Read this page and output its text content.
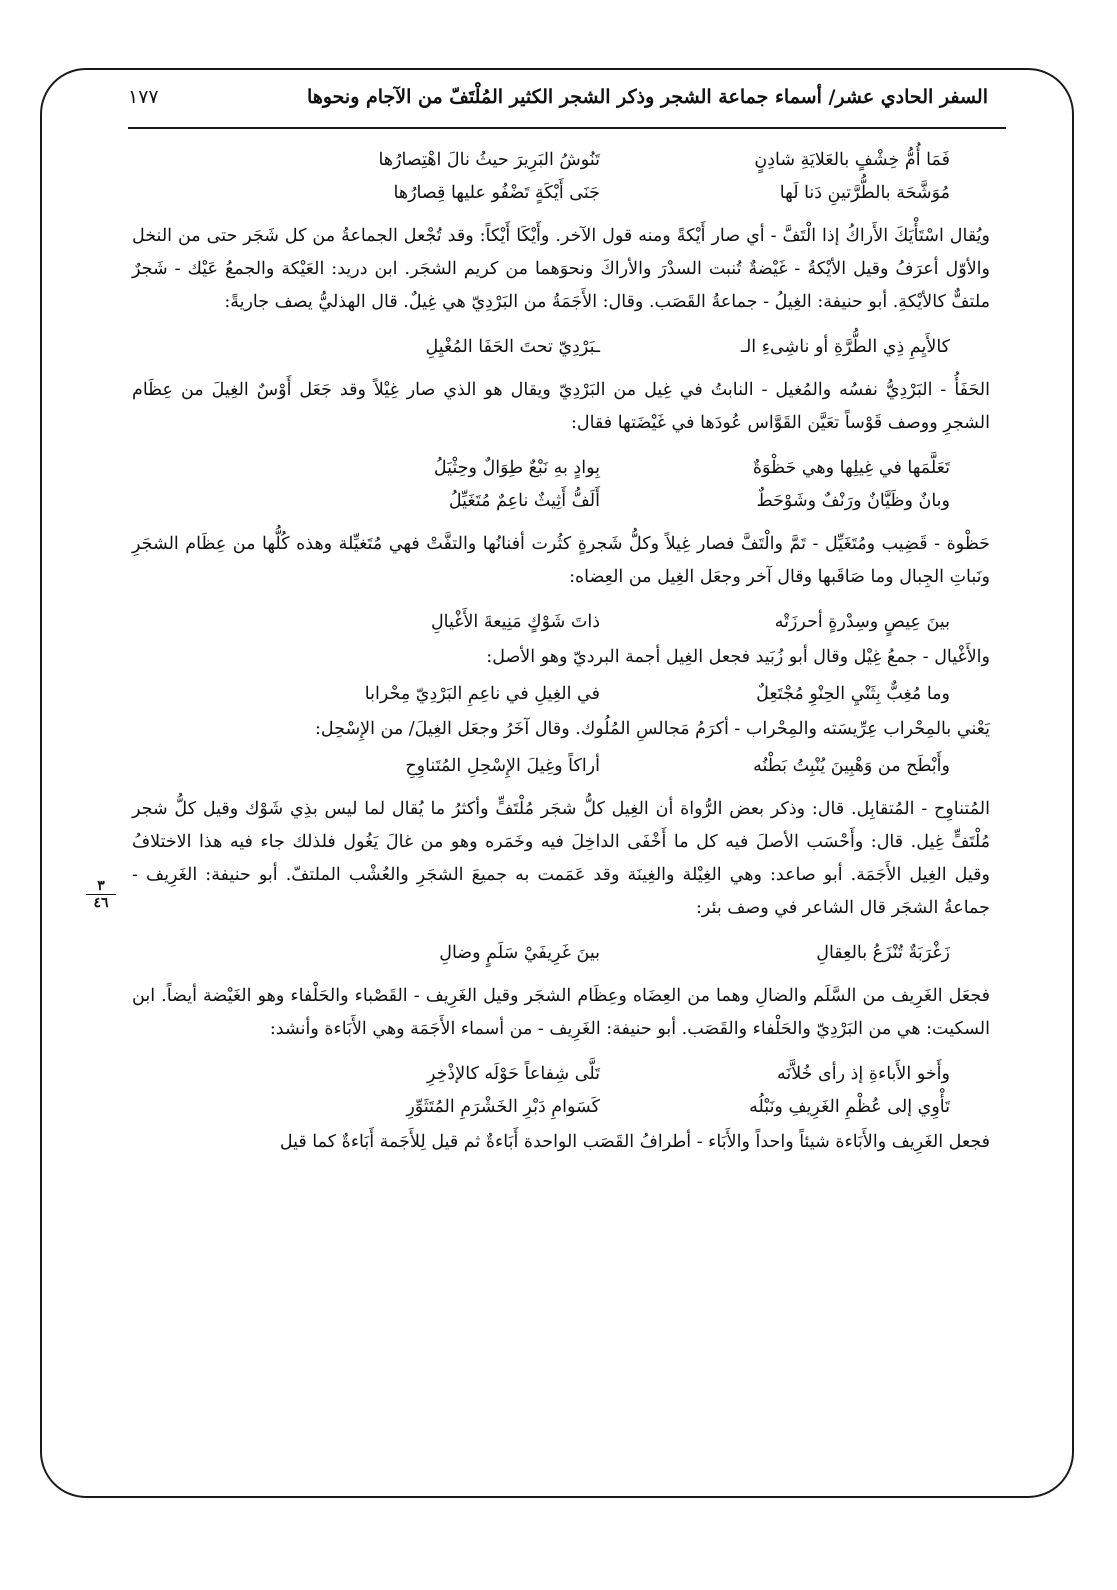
السفر الحادي عشر/ أسماء جماعة الشجر وذكر الشجر الكثير المُلْتَفّ من الآجام ونحوها
١٧٧
٣
٤٦
فَمَا أُمُّ خِشْفٍ بالعَلايَةِ شادِنٍ
تَنُوشُ البَرِيرَ حيثُ نالَ اهْتِصارُها
مُوَشَّحَة بالطُّرَّتينِ دَنا لَها
جَنَى أَيْكَةٍ تَضْفُو عليها قِصارُها
ويُقال اسْتَأْيَكَ الأَراكُ إذا الْتَفَّ - أي صار أَيْكةً ومنه قول الآخر. وأَيْكَا أَيْكاً: وقد تُجْعل الجماعةُ من كل شَجَر حتى من النخل والأوّل أعرَفُ وقيل الأيْكةُ - غَيْضةٌ تُنبت السدْرَ والأراكَ ونحوَهما من كريم الشجَر. ابن دريد: العَيْكة والجمعُ عَيْك - شَجرٌ ملتفٌّ كالأيْكةِ. أبو حنيفة: الغِيلُ - جماعةُ القَصَب. وقال: الأَجَمَةُ من البَرْدِيّ هي غِيلٌ. قال الهذليُّ يصف جاريةً:
كالأَيِمِ ذِي الطُّرَّةِ أو ناشِىءِ الـ
ـبَرْدِيّ تحتَ الحَفَا المُغْيِلِ
الحَفَأُ - البَرْدِيُّ نفسُه والمُغيل - النابتُ في غِيل من البَرْدِيّ ويقال هو الذي صار غِيْلاً وقد جَعَل أَوْسٌ الغِيلَ من عِظَام الشجرِ ووصف قَوْساً تعَيَّن القَوَّاس عُودَها في غَيْضَتها فقال:
تَعَلَّمَها في غِيلِها وهي حَظْوَةٌ
بِوادٍ بهِ نَبْعٌ طِوَالٌ وحِثْيَلُ
وبانٌ وظَيَّانٌ ورَنْفٌ وشَوْحَطٌ
أَلَفُّ أَثِيثٌ ناعِمٌ مُتَغَيِّلُ
حَظْوة - قَضِيب ومُتَغَيِّل - تَمَّ والْتَفَّ فصار غِيلاً وكلُّ شَجرةٍ كثُرت أفنانُها والتفَّتْ فهي مُتَغيِّلة وهذه كُلُّها من عِظَام الشجَرِ ونَباتِ الجِبال وما صَاقَبها وقال آخر وجعَل الغِيل من العِضاه:
بينَ عِيصٍ وسِدْرةٍ أحرزَتْه
ذاتَ شَوْكٍ مَنِيعةَ الأَغْيالِ
والأَغْيال - جمعُ غِيْل وقال أبو زُبَيد فجعل الغِيل أجمة البرديّ وهو الأصل:
وما مُغِبٌّ بِثَنْيِ الحِنْوِ مُجْتَعِلٌ
في الغِيلِ في ناعِمِ البَرْدِيّ مِحْرابا
يَعْني بالمِحْراب عِرِّيسَته والمِحْراب - أكرَمُ مَجالسِ المُلُوك. وقال آخَرُ وجعَل الغِيلَ/ من الإِسْحِل:
وأَبْطَح من وَهْبِينَ يُنْبِتُ بَطْنُه
أراكاً وغِيلَ الإِسْحِلِ المُتَناوِحِ
المُتناوِح - المُتقابِل. قال: وذكر بعض الرُّواة أن الغِيل كلُّ شجَر مُلْتَفٍّ وأكثرُ ما يُقال لما ليس بذِي شَوْك وقيل كلُّ شجر مُلْتَفٍّ غِيل. قال: وأَحْسَب الأصلَ فيه كل ما أَخْفَى الداخِلَ فيه وخَمَره وهو من غالَ يَغُول فلذلك جاء فيه هذا الاختلافُ وقيل الغِيل الأَجَمَة. أبو صاعد: وهي الغِيْلة والغِينَة وقد عَمَمت به جميعَ الشجَرِ والعُشْب الملتفّ. أبو حنيفة: الغَرِيف - جماعةُ الشجَر قال الشاعر في وصف بئر:
زَغْرَبَةٌ تُنْزَعُ بالعِقالِ
بينَ غَرِيفَيْ سَلَمٍ وضالِ
فجعَل الغَرِيف من السَّلَم والضالِ وهما من العِضَاه وعِظَام الشجَر وقيل الغَرِيف - القَصْباء والحَلْفاء وهو الغَيْضة أيضاً. ابن السكيت: هي من البَرْدِيّ والحَلْفاء والقَصَب. أبو حنيفة: الغَرِيف - من أسماء الأَجَمَة وهي الأَبَاءة وأنشد:
وأَخو الأَباءةِ إذ رأى خُلاَّنَه
تَلَّى شِفاعاً حَوْلَه كالإذْخِرِ
تَأْوِي إلى عُظْمِ الغَرِيفِ ونَبْلُه
كَسَوامِ دَبْرِ الخَشْرَمِ المُتَثَوِّرِ
فجعل الغَرِيف والأَبَاءة شيئاً واحداً والأَبَاء - أطرافُ القَصَب الواحدة أَبَاءةٌ ثم قيل لِلأَجَمة أَبَاءةٌ كما قيل
